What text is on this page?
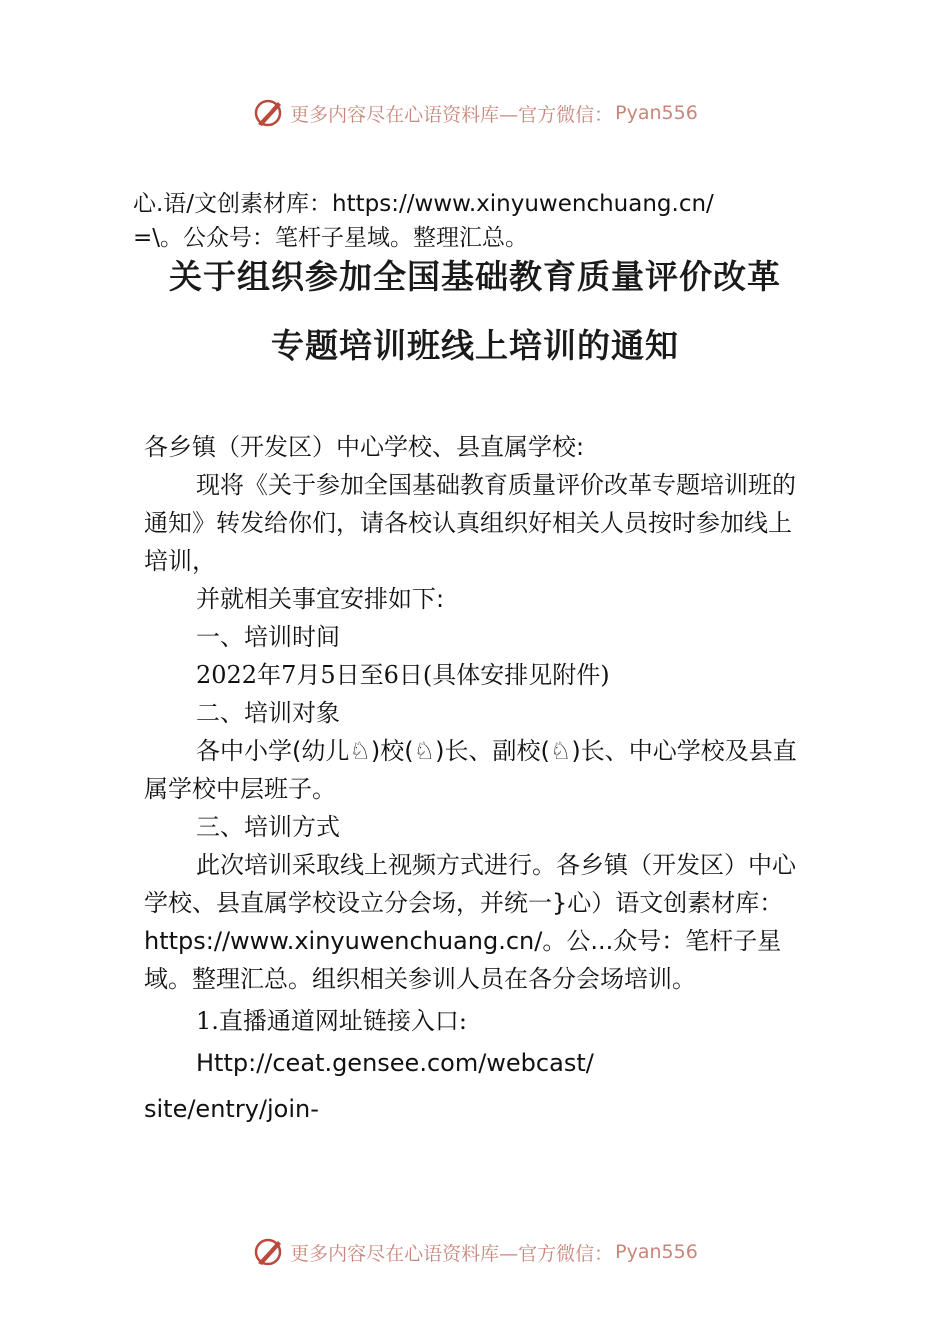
更多内容尽在心语资料库—官方微信： Pyan556
心.语/文创素材库：https://www.xinyuwenchuang.cn/
=\。公众号：笔杆子星域。整理汇总。
关于组织参加全国基础教育质量评价改革
专题培训班线上培训的通知

各乡镇（开发区）中心学校、县直属学校:

现将《关于参加全国基础教育质量评价改革专题培训班的通知》转发给你们，请各校认真组织好相关人员按时参加线上培训，

并就相关事宜安排如下:

一、培训时间

2022年7月5日至6日(具体安排见附件)

二、培训对象

各中小学(幼儿♘)校(♘)长、副校(♘)长、中心学校及县直属学校中层班子。

三、培训方式

此次培训采取线上视频方式进行。各乡镇（开发区）中心学校、县直属学校设立分会场，并统一}心）语文创素材库：https://www.xinyuwenchuang.cn/。公...众号：笔杆子星域。整理汇总。组织相关参训人员在各分会场培训。

1.直播通道网址链接入口:

Http://ceat.gensee.com/webcast/

site/entry/join-

更多内容尽在心语资料库—官方微信： Pyan556
